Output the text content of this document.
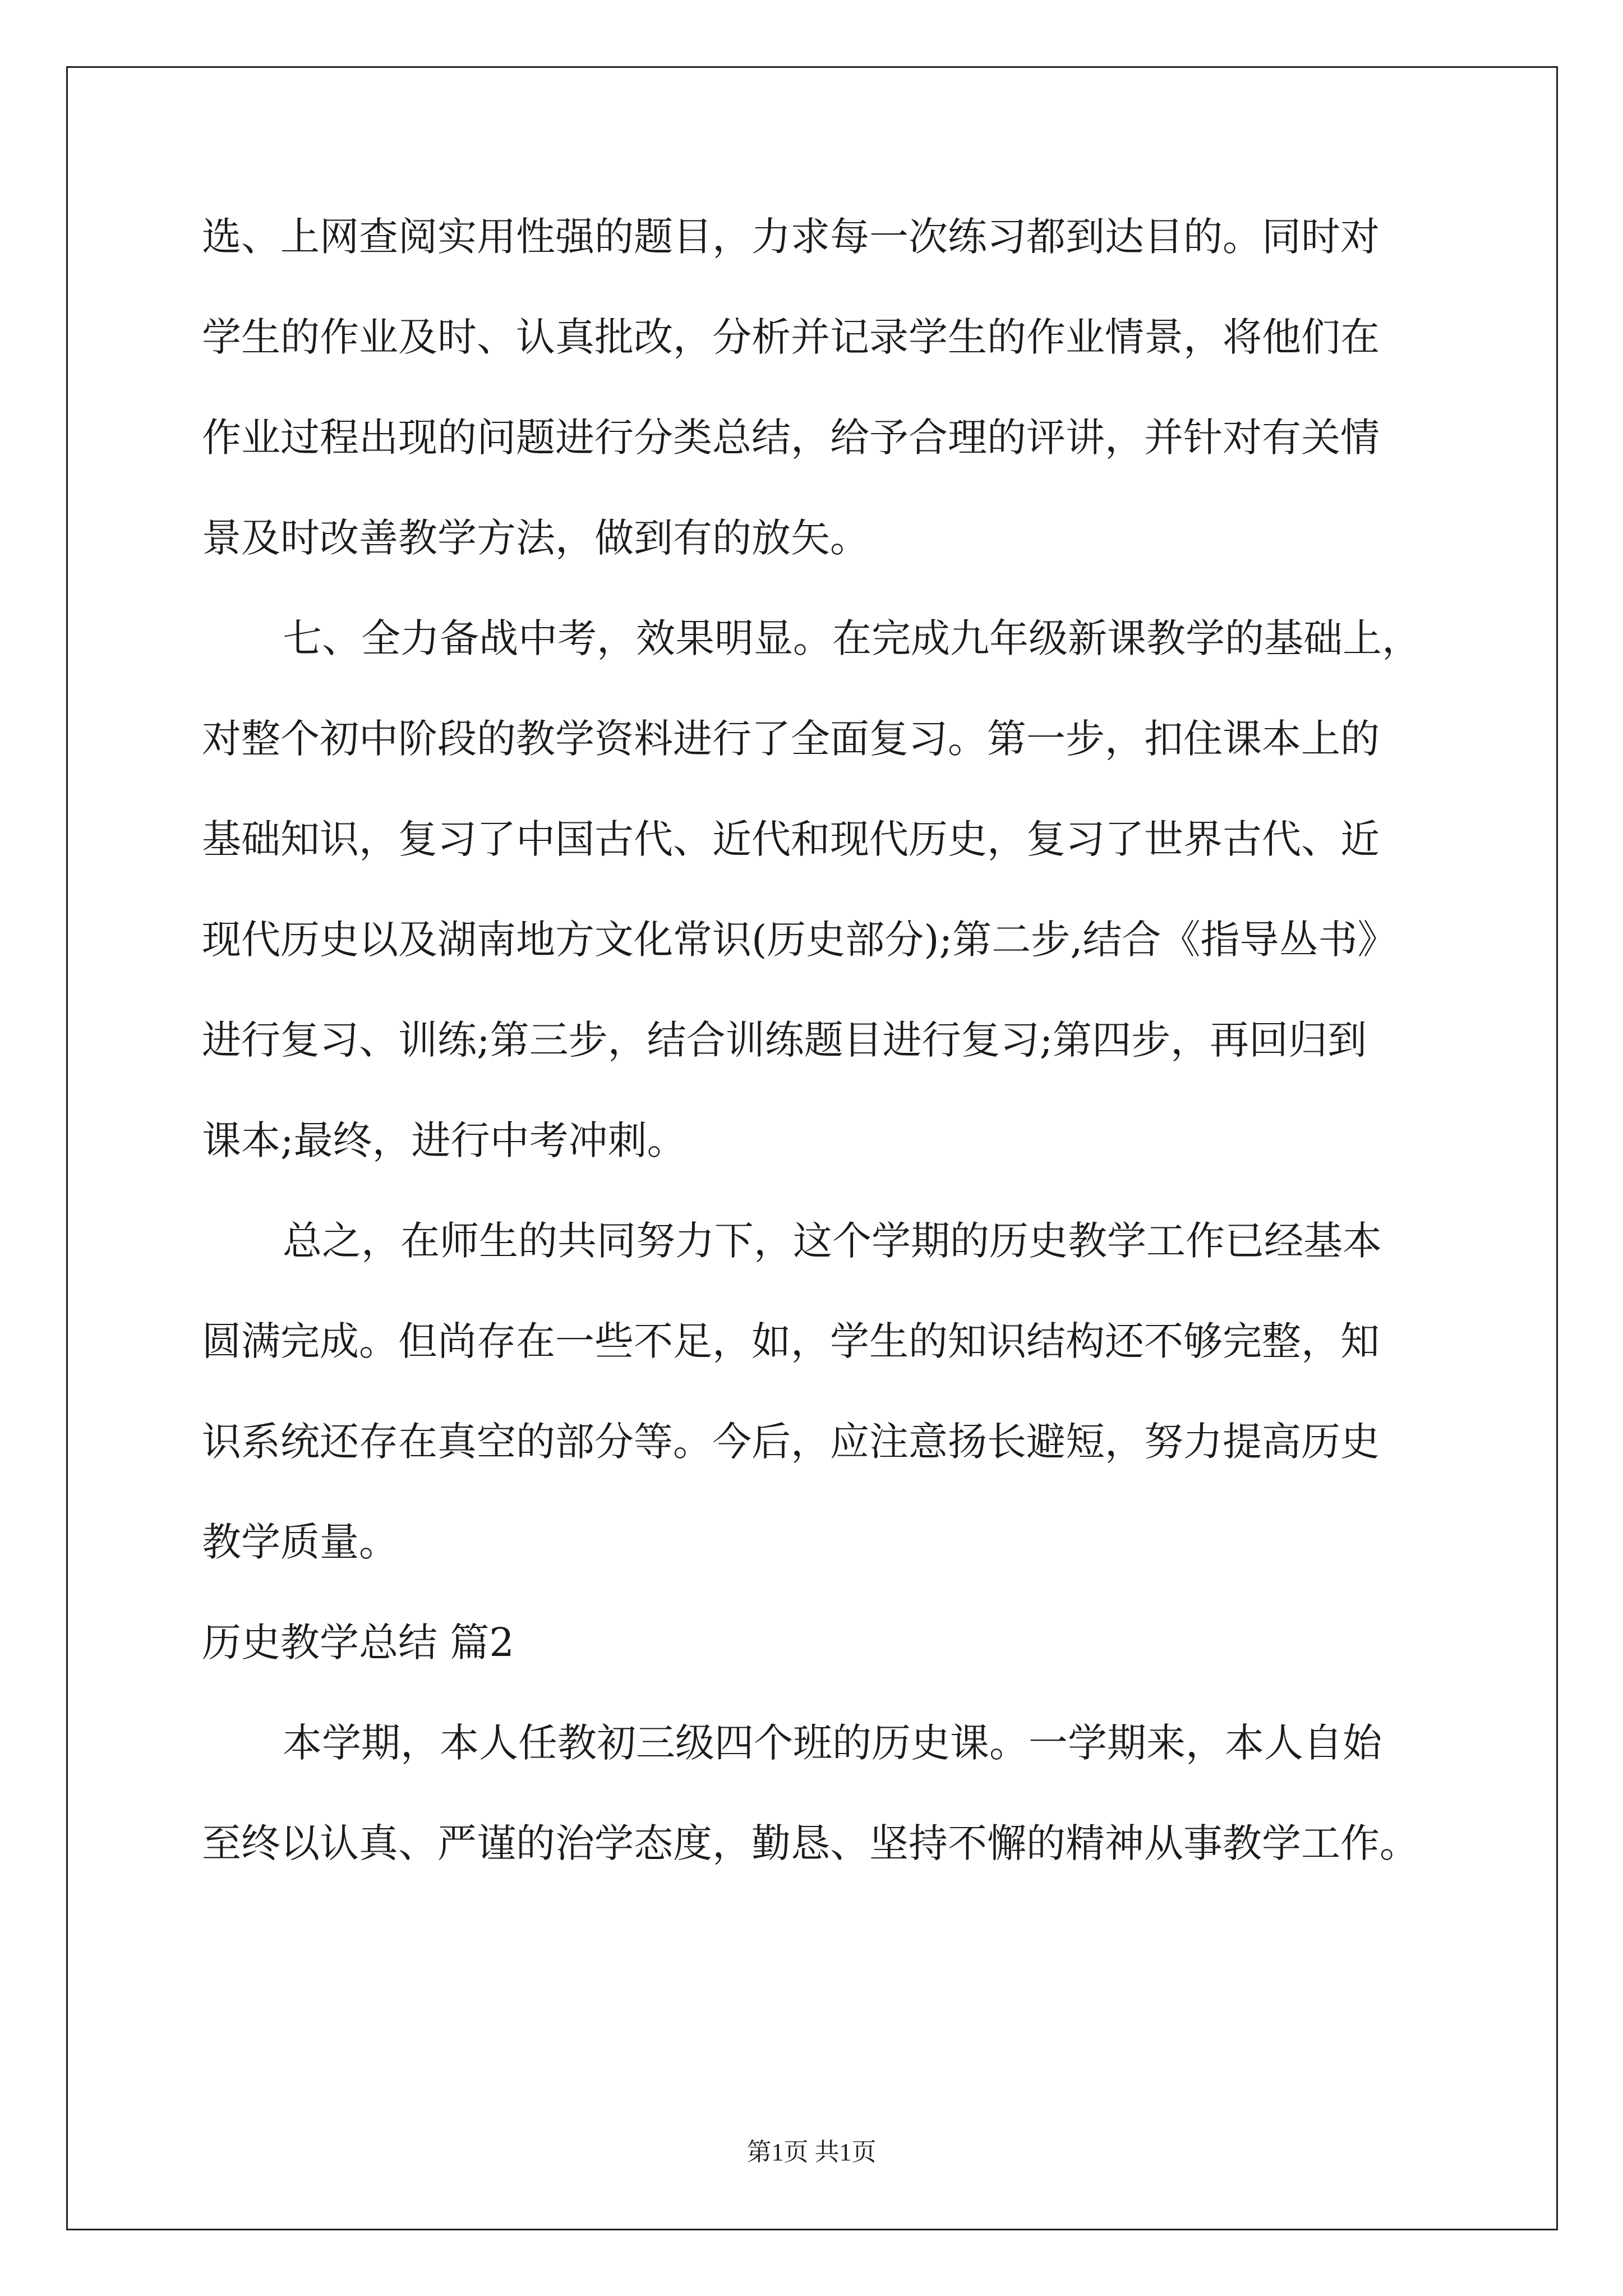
选、上网查阅实用性强的题目，力求每一次练习都到达目的。同时对
学生的作业及时、认真批改，分析并记录学生的作业情景，将他们在
作业过程出现的问题进行分类总结，给予合理的评讲，并针对有关情
景及时改善教学方法，做到有的放矢。
七、全力备战中考，效果明显。在完成九年级新课教学的基础上，
对整个初中阶段的教学资料进行了全面复习。第一步，扣住课本上的
基础知识，复习了中国古代、近代和现代历史，复习了世界古代、近
现代历史以及湖南地方文化常识(历史部分);第二步,结合《指导丛书》
进行复习、训练;第三步，结合训练题目进行复习;第四步，再回归到
课本;最终，进行中考冲刺。
总之，在师生的共同努力下，这个学期的历史教学工作已经基本
圆满完成。但尚存在一些不足，如，学生的知识结构还不够完整，知
识系统还存在真空的部分等。今后，应注意扬长避短，努力提高历史
教学质量。
历史教学总结 篇2
本学期，本人任教初三级四个班的历史课。一学期来，本人自始
至终以认真、严谨的治学态度，勤恳、坚持不懈的精神从事教学工作。
第1页 共1页
